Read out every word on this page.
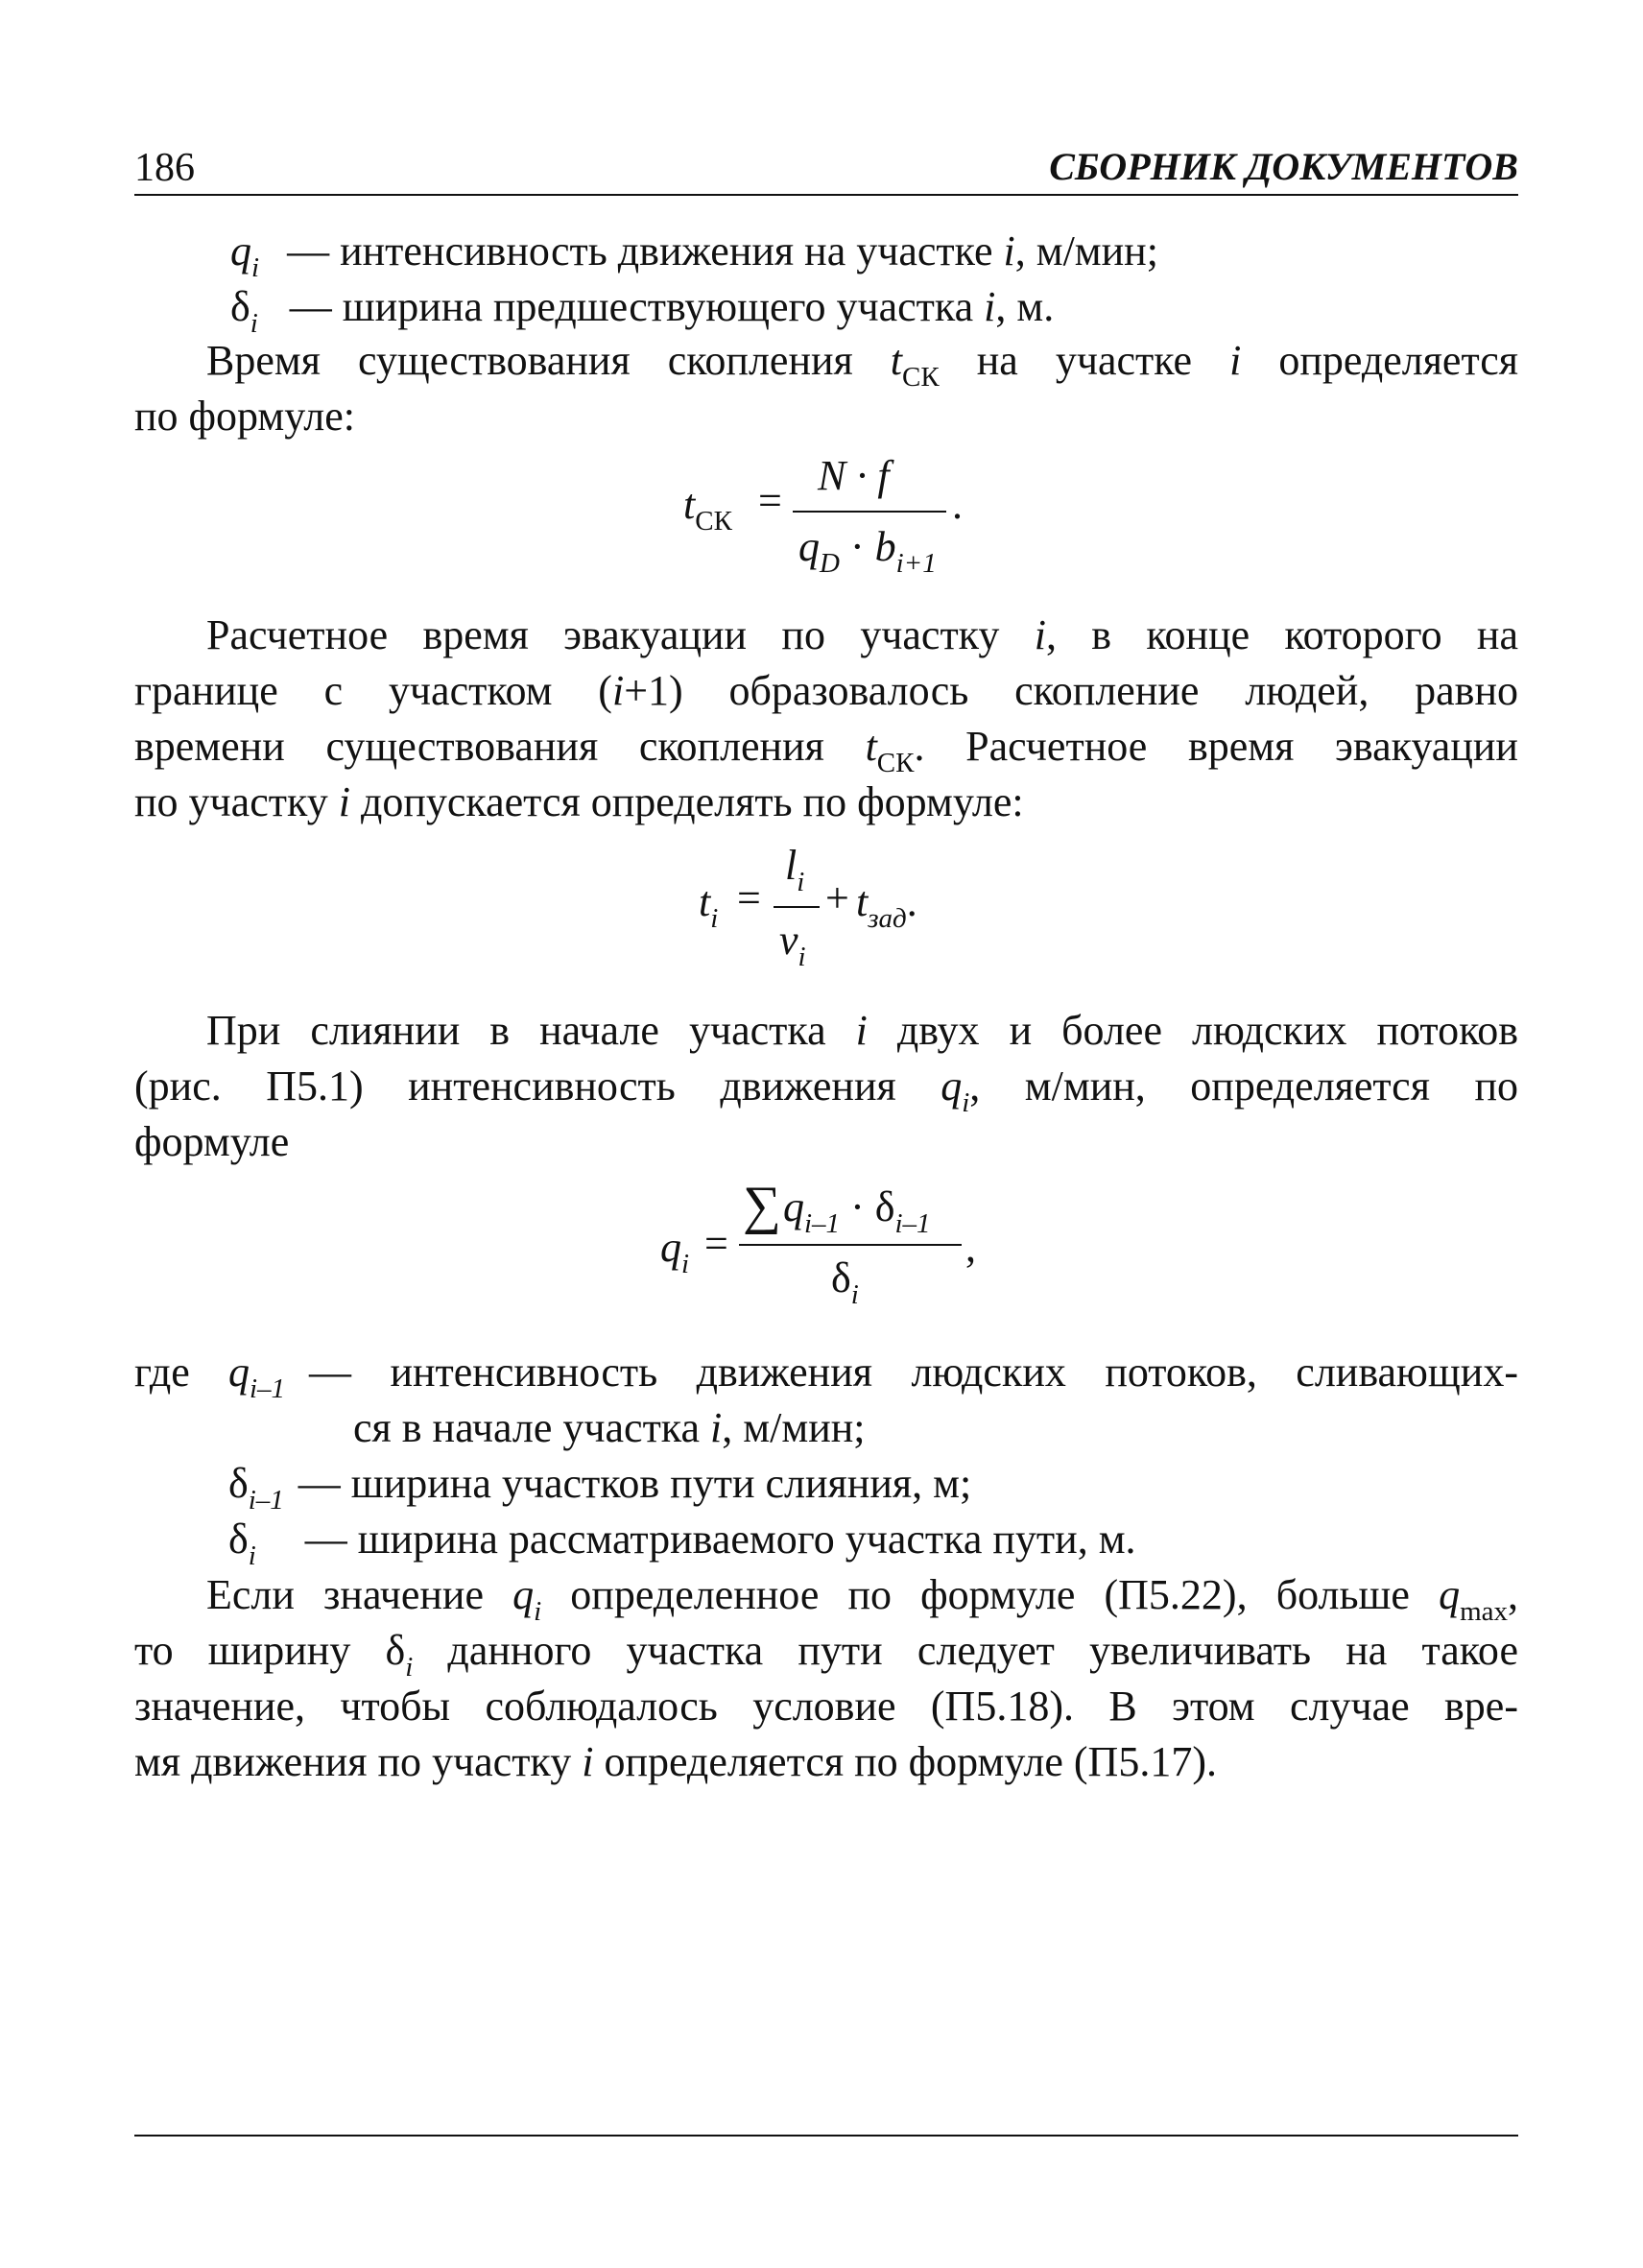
186	СБОРНИК ДОКУМЕНТОВ
$q_i$ — интенсивность движения на участке i, м/мин;
$\delta_i$ — ширина предшествующего участка i, м.
Время существования скопления $t_{СК}$ на участке i определяется
по формуле:
$t_{СК}$ =
N · f
$q_D \cdot b_{i+1}$
.
Расчетное время эвакуации по участку i, в конце которого на
границе с участком (i+1) образовалось скопление людей, равно
времени существования скопления $t_{СК}$. Расчетное время эвакуации
по участку i допускается определять по формуле:
$t_i$ =
$l_i$
$v_i$
+ $t_{зад}$.
При слиянии в начале участка i двух и более людских потоков
(рис. П5.1) интенсивность движения $q_i$, м/мин, определяется по
формуле
$q_i$ =
∑ $q_{i-1} \cdot \delta_{i-1}$
$\delta_i$
,
где $q_{i-1}$ — интенсивность движения людских потоков, сливающих-
ся в начале участка i, м/мин;
$\delta_{i-1}$ — ширина участков пути слияния, м;
$\delta_i$ — ширина рассматриваемого участка пути, м.
Если значение $q_i$ определенное по формуле (П5.22), больше $q_{max}$,
то ширину $\delta_i$ данного участка пути следует увеличивать на такое
значение, чтобы соблюдалось условие (П5.18). В этом случае вре-
мя движения по участку i определяется по формуле (П5.17).
